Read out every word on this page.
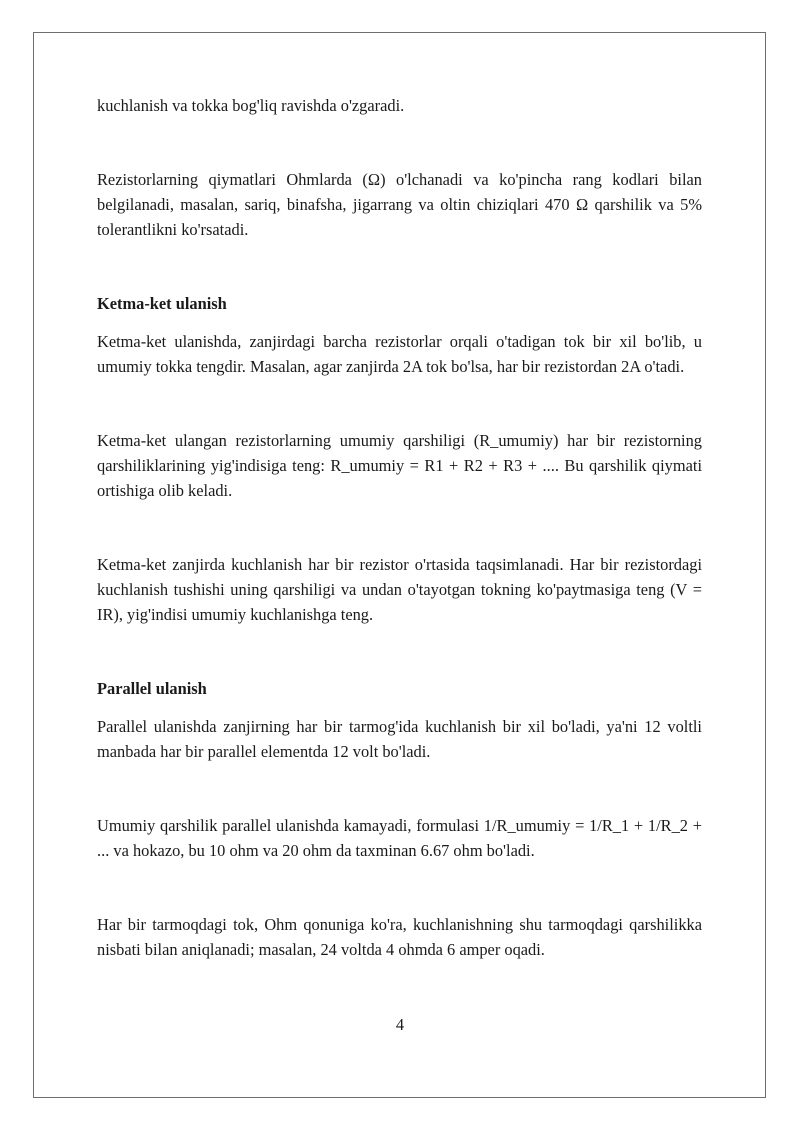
kuchlanish va tokka bog'liq ravishda o'zgaradi.

Rezistorlarning qiymatlari Ohmlarda (Ω) o'lchanadi va ko'pincha rang kodlari bilan belgilanadi, masalan, sariq, binafsha, jigarrang va oltin chiziqlari 470 Ω qarshilik va 5% tolerantlikni ko'rsatadi.

Ketma-ket ulanish

Ketma-ket ulanishda, zanjirdagi barcha rezistorlar orqali o'tadigan tok bir xil bo'lib, u umumiy tokka tengdir. Masalan, agar zanjirda 2A tok bo'lsa, har bir rezistordan 2A o'tadi.

Ketma-ket ulangan rezistorlarning umumiy qarshiligi (R_umumiy) har bir rezistorning qarshiliklarining yig'indisiga teng: R_umumiy = R1 + R2 + R3 + .... Bu qarshilik qiymati ortishiga olib keladi.

Ketma-ket zanjirda kuchlanish har bir rezistor o'rtasida taqsimlanadi. Har bir rezistordagi kuchlanish tushishi uning qarshiligi va undan o'tayotgan tokning ko'paytmasiga teng (V = IR), yig'indisi umumiy kuchlanishga teng.

Parallel ulanish

Parallel ulanishda zanjirning har bir tarmog'ida kuchlanish bir xil bo'ladi, ya'ni 12 voltli manbada har bir parallel elementda 12 volt bo'ladi.

Umumiy qarshilik parallel ulanishda kamayadi, formulasi 1/R_umumiy = 1/R_1 + 1/R_2 + ... va hokazo, bu 10 ohm va 20 ohm da taxminan 6.67 ohm bo'ladi.

Har bir tarmoqdagi tok, Ohm qonuniga ko'ra, kuchlanishning shu tarmoqdagi qarshilikka nisbati bilan aniqlanadi; masalan, 24 voltda 4 ohmda 6 amper oqadi.

4
